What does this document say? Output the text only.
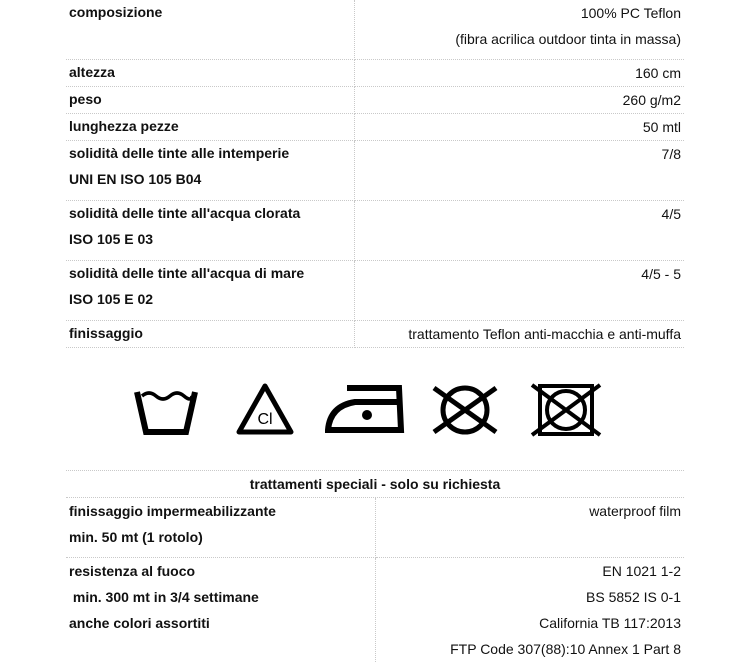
composizione	100% PC Teflon
(fibra acrilica outdoor tinta in massa)

altezza	160 cm

peso	260 g/m2

lunghezza pezze	50 mtl

solidità delle tinte alle intemperie
UNI EN ISO 105 B04	7/8

solidità delle tinte all'acqua clorata
ISO 105 E 03	4/5

solidità delle tinte all'acqua di mare
ISO 105 E 02	4/5 - 5

finissaggio	trattamento Teflon anti-macchia e anti-muffa
Cl
trattamenti speciali - solo su richiesta	

finissaggio impermeabilizzante
min. 50 mt (1 rotolo)	waterproof film

resistenza al fuoco
min. 300 mt in 3/4 settimane
anche colori assortiti	EN 1021 1-2
BS 5852 IS 0-1
California TB 117:2013
FTP Code 307(88):10 Annex 1 Part 8
